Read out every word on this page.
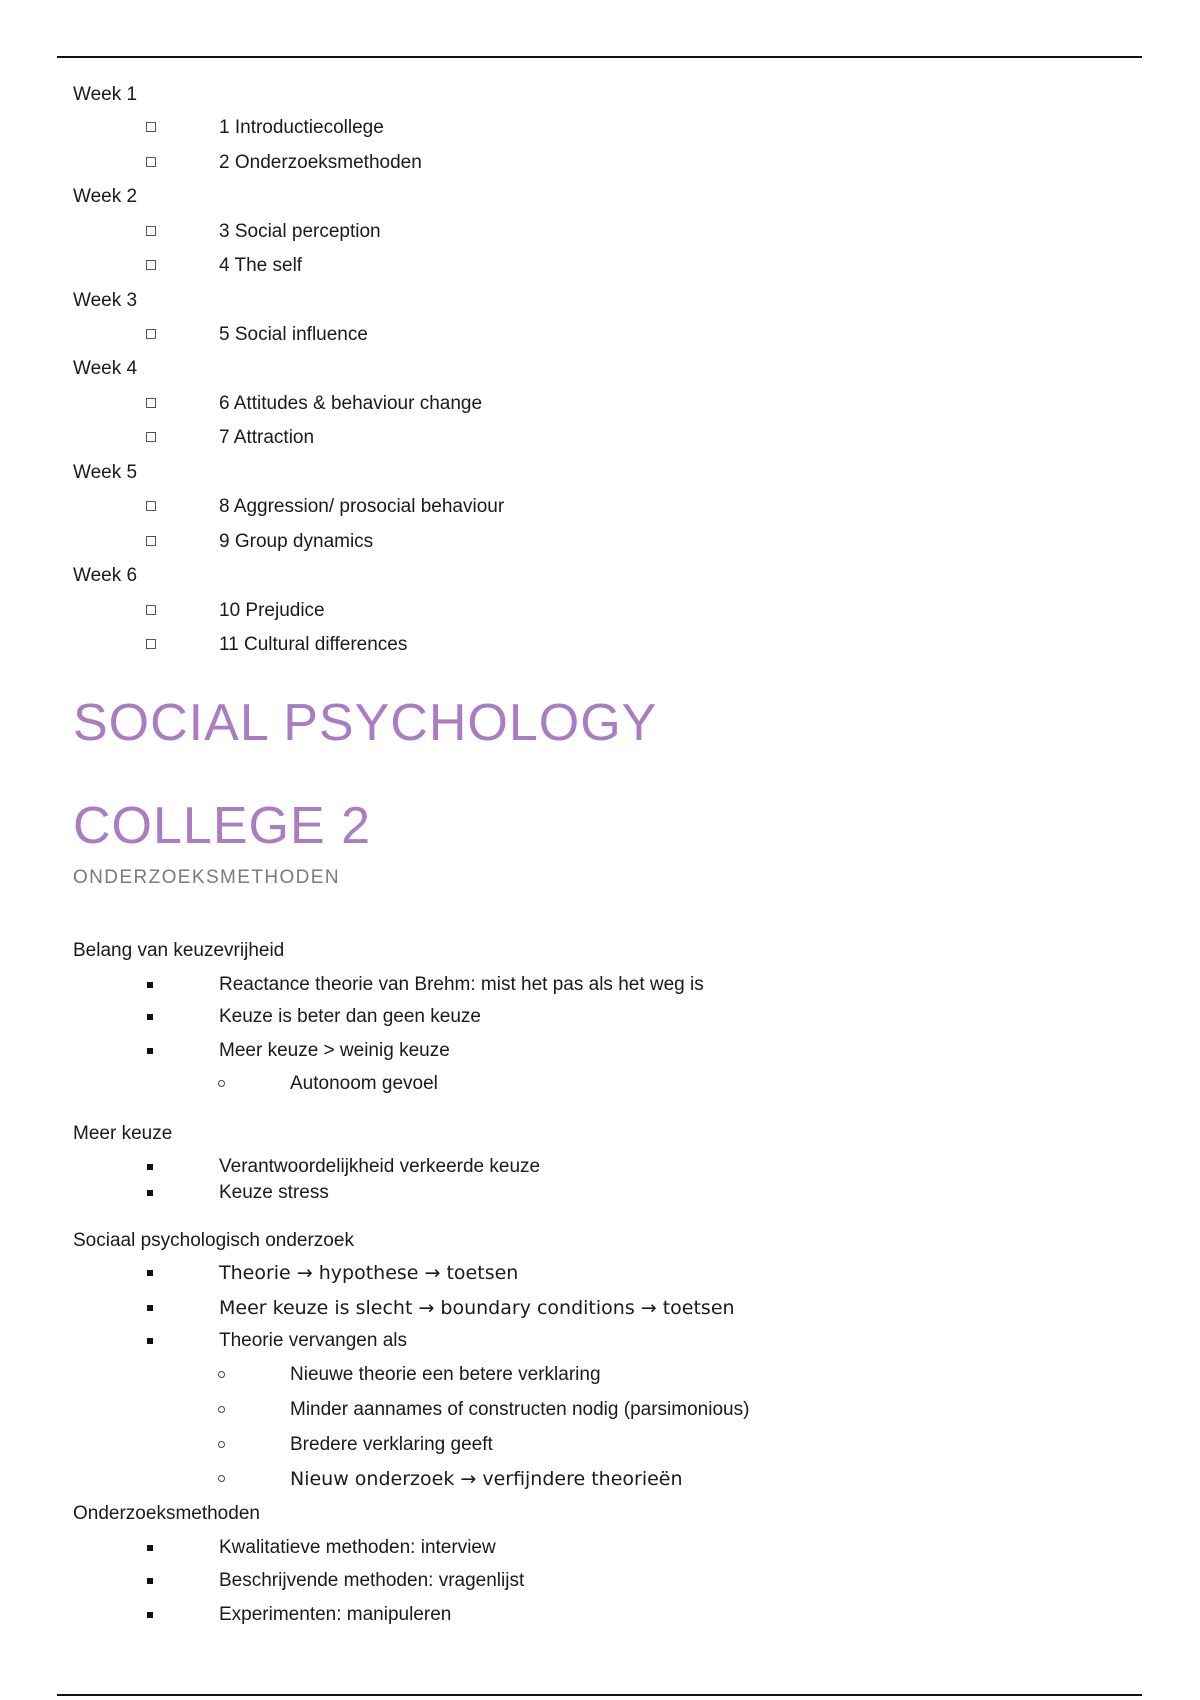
Week 1
1 Introductiecollege
2 Onderzoeksmethoden
Week 2
3 Social perception
4 The self
Week 3
5 Social influence
Week 4
6 Attitudes & behaviour change
7 Attraction
Week 5
8 Aggression/ prosocial behaviour
9 Group dynamics
Week 6
10 Prejudice
11 Cultural differences
SOCIAL PSYCHOLOGY
COLLEGE 2
ONDERZOEKSMETHODEN
Belang van keuzevrijheid
Reactance theorie van Brehm: mist het pas als het weg is
Keuze is beter dan geen keuze
Meer keuze > weinig keuze
Autonoom gevoel
Meer keuze
Verantwoordelijkheid verkeerde keuze
Keuze stress
Sociaal psychologisch onderzoek
Theorie → hypothese → toetsen
Meer keuze is slecht → boundary conditions → toetsen
Theorie vervangen als
Nieuwe theorie een betere verklaring
Minder aannames of constructen nodig (parsimonious)
Bredere verklaring geeft
Nieuw onderzoek → verfijndere theorieën
Onderzoeksmethoden
Kwalitatieve methoden: interview
Beschrijvende methoden: vragenlijst
Experimenten: manipuleren
